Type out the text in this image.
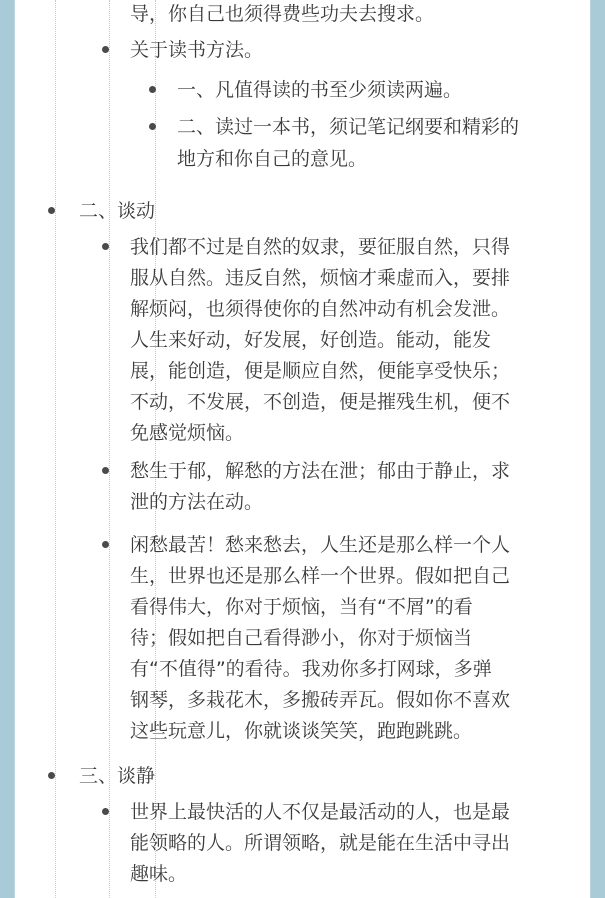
导，你自己也须得费些功夫去搜求。
关于读书方法。
一、凡值得读的书至少须读两遍。
二、读过一本书，须记笔记纲要和精彩的
地方和你自己的意见。
二、谈动
我们都不过是自然的奴隶，要征服自然，只得
服从自然。违反自然，烦恼才乘虚而入，要排
解烦闷，也须得使你的自然冲动有机会发泄。
人生来好动，好发展，好创造。能动，能发
展，能创造，便是顺应自然，便能享受快乐；
不动，不发展，不创造，便是摧残生机，便不
免感觉烦恼。
愁生于郁，解愁的方法在泄；郁由于静止，求
泄的方法在动。
闲愁最苦！愁来愁去，人生还是那么样一个人
生，世界也还是那么样一个世界。假如把自己
看得伟大，你对于烦恼，当有“不屑”的看
待；假如把自己看得渺小，你对于烦恼当
有“不值得”的看待。我劝你多打网球，多弹
钢琴，多栽花木，多搬砖弄瓦。假如你不喜欢
这些玩意儿，你就谈谈笑笑，跑跑跳跳。
三、谈静
世界上最快活的人不仅是最活动的人，也是最
能领略的人。所谓领略，就是能在生活中寻出
趣味。
